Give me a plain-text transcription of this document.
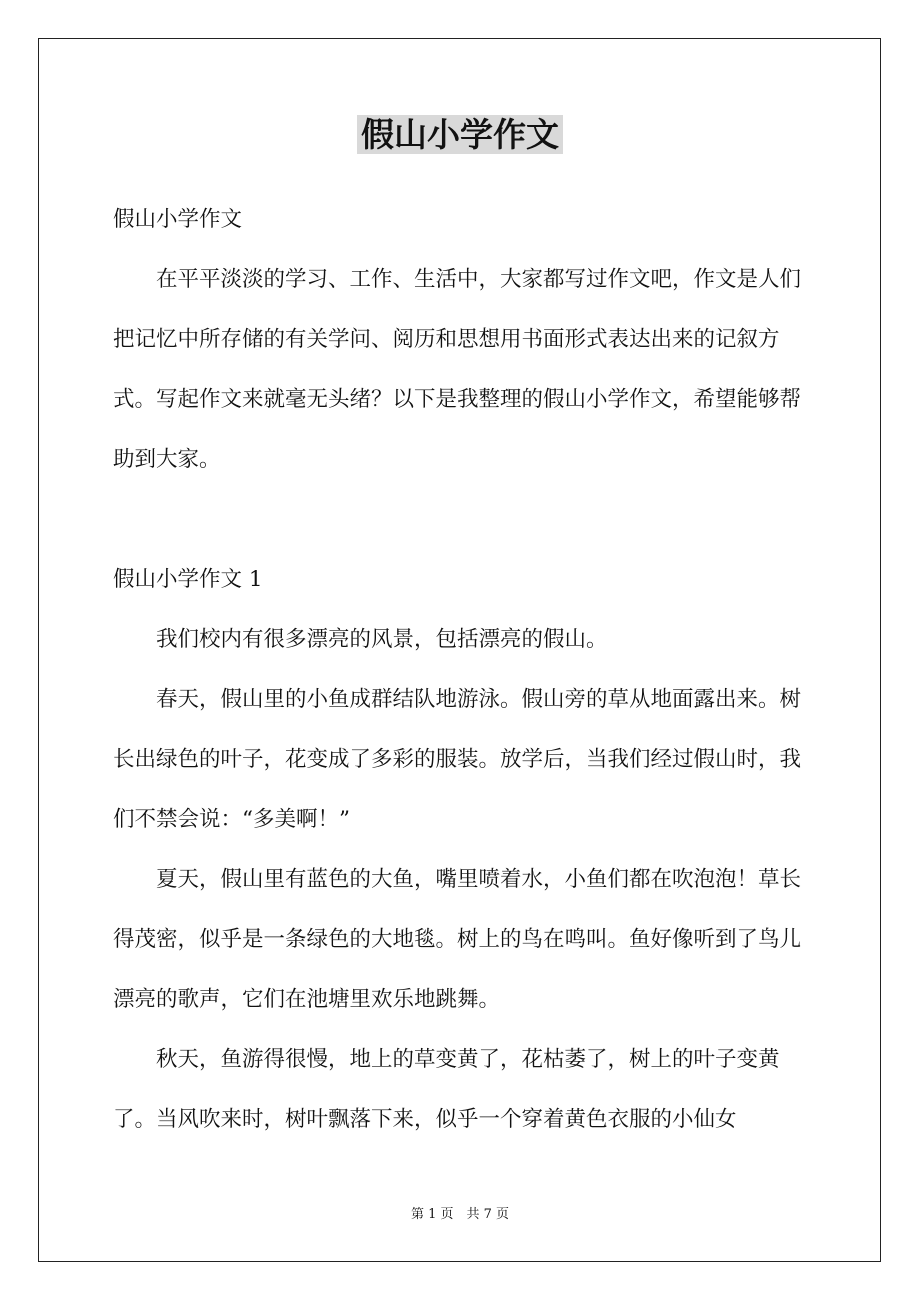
假山小学作文

假山小学作文

在平平淡淡的学习、工作、生活中，大家都写过作文吧，作文是人们把记忆中所存储的有关学问、阅历和思想用书面形式表达出来的记叙方式。写起作文来就毫无头绪？以下是我整理的假山小学作文，希望能够帮助到大家。

假山小学作文 1

我们校内有很多漂亮的风景，包括漂亮的假山。

春天，假山里的小鱼成群结队地游泳。假山旁的草从地面露出来。树长出绿色的叶子，花变成了多彩的服装。放学后，当我们经过假山时，我们不禁会说：“多美啊！”

夏天，假山里有蓝色的大鱼，嘴里喷着水，小鱼们都在吹泡泡！草长得茂密，似乎是一条绿色的大地毯。树上的鸟在鸣叫。鱼好像听到了鸟儿漂亮的歌声，它们在池塘里欢乐地跳舞。

秋天，鱼游得很慢，地上的草变黄了，花枯萎了，树上的叶子变黄了。当风吹来时，树叶飘落下来，似乎一个穿着黄色衣服的小仙女

第 1 页　共 7 页
